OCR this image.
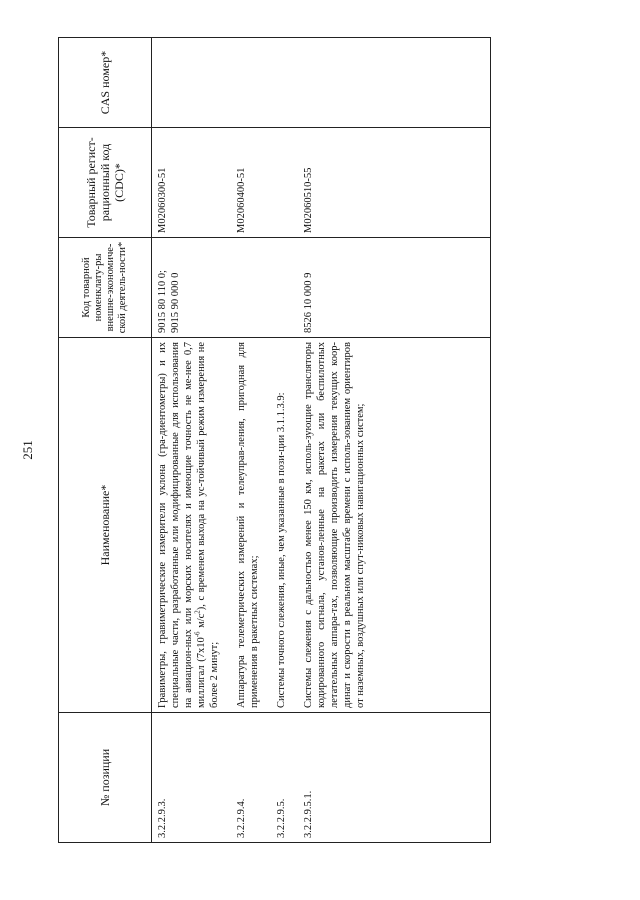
251
№ позиции	Наименование*	Код товарной номенклату-ры внешне-экономиче-ской деятель-ности*	Товарный регист-рационный код (CDC)*	CAS номер*
3.2.2.9.3.	Гравиметры, гравиметрические измерители уклона (гра-диентометры) и их специальные части, разработанные или модифицированные для использования на авиацион-ных или морских носителях и имеющие точность не ме-нее 0,7 миллигал ($7x10^{-6}$ $м/с^2$), с временем выхода на ус-тойчивый режим измерения не более 2 минут;	9015 80 110 0; 9015 90 000 0	M02060300-51	
3.2.2.9.4.	Аппаратура телеметрических измерений и телеуправ-ления, пригодная для применения в ракетных системах;		M02060400-51	
3.2.2.9.5.	Системы точного слежения, иные, чем указанные в пози-ции 3.1.1.3.9:			
3.2.2.9.5.1.	Системы слежения с дальностью менее 150 км, исполь-зующие трансляторы кодированного сигнала, установ-ленные на ракетах или беспилотных летательных аппара-тах, позволяющие производить измерения текущих коор-динат и скорости в реальном масштабе времени с исполь-зованием ориентиров от наземных, воздушных или спут-никовых навигационных систем;	8526 10 000 9	M02060510-55	
